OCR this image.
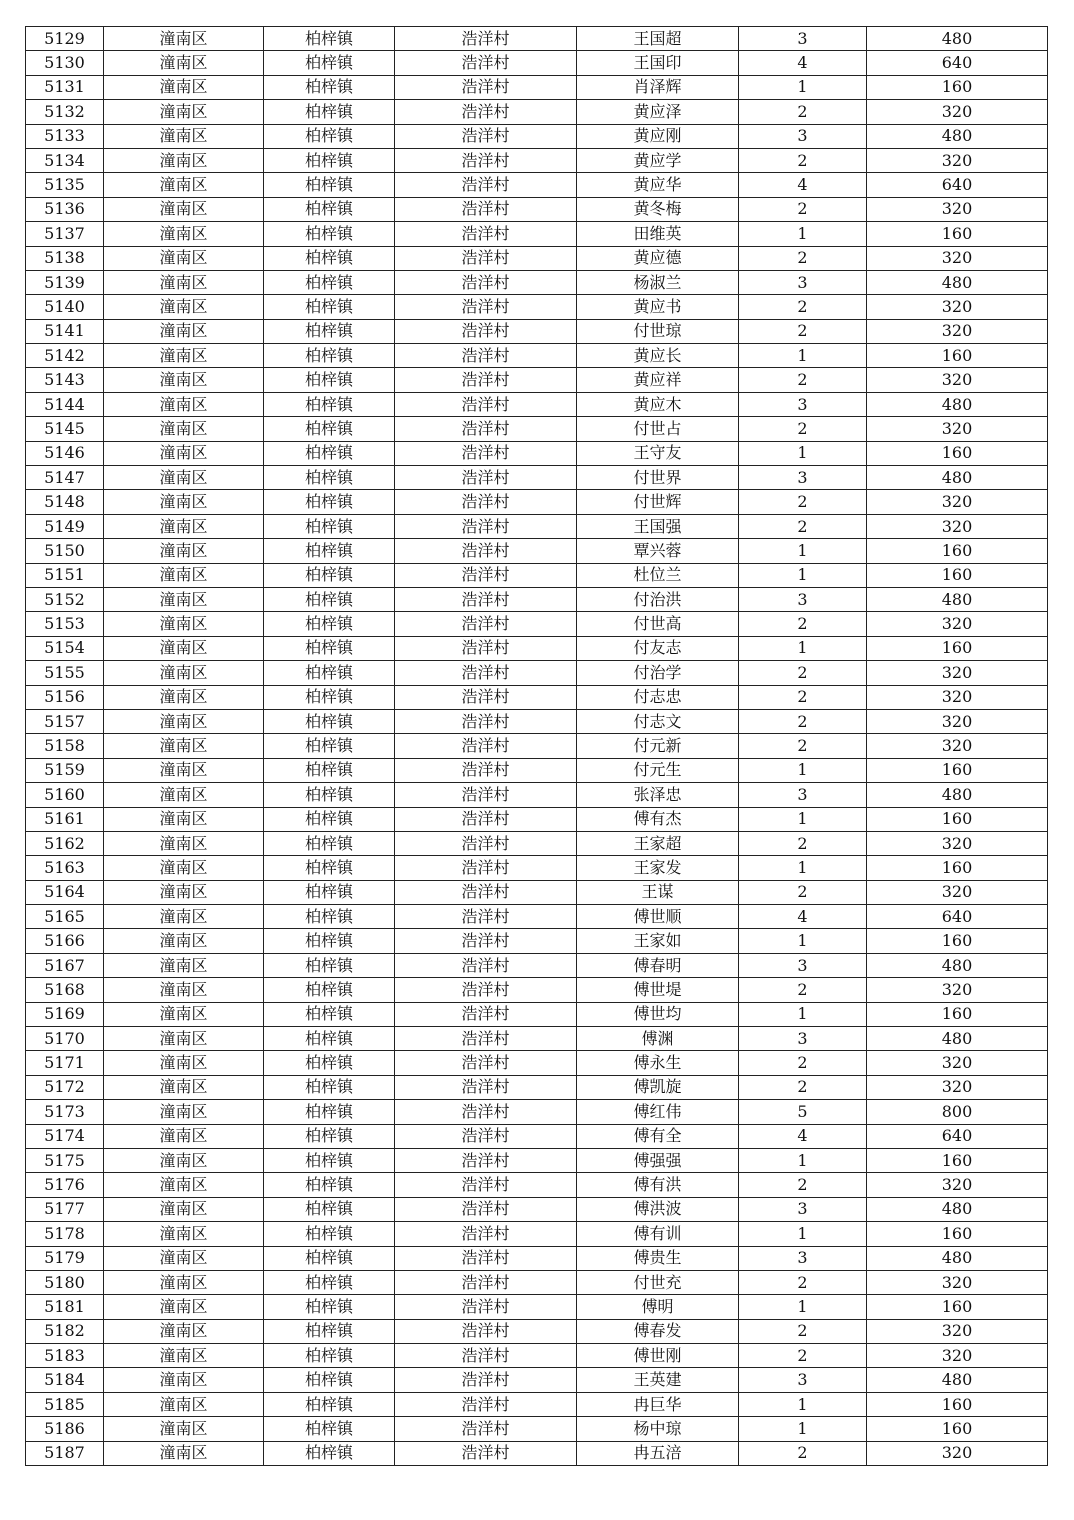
5129	潼南区	柏梓镇	浩洋村	王国超	3	480
5130	潼南区	柏梓镇	浩洋村	王国印	4	640
5131	潼南区	柏梓镇	浩洋村	肖泽辉	1	160
5132	潼南区	柏梓镇	浩洋村	黄应泽	2	320
5133	潼南区	柏梓镇	浩洋村	黄应刚	3	480
5134	潼南区	柏梓镇	浩洋村	黄应学	2	320
5135	潼南区	柏梓镇	浩洋村	黄应华	4	640
5136	潼南区	柏梓镇	浩洋村	黄冬梅	2	320
5137	潼南区	柏梓镇	浩洋村	田维英	1	160
5138	潼南区	柏梓镇	浩洋村	黄应德	2	320
5139	潼南区	柏梓镇	浩洋村	杨淑兰	3	480
5140	潼南区	柏梓镇	浩洋村	黄应书	2	320
5141	潼南区	柏梓镇	浩洋村	付世琼	2	320
5142	潼南区	柏梓镇	浩洋村	黄应长	1	160
5143	潼南区	柏梓镇	浩洋村	黄应祥	2	320
5144	潼南区	柏梓镇	浩洋村	黄应木	3	480
5145	潼南区	柏梓镇	浩洋村	付世占	2	320
5146	潼南区	柏梓镇	浩洋村	王守友	1	160
5147	潼南区	柏梓镇	浩洋村	付世界	3	480
5148	潼南区	柏梓镇	浩洋村	付世辉	2	320
5149	潼南区	柏梓镇	浩洋村	王国强	2	320
5150	潼南区	柏梓镇	浩洋村	覃兴蓉	1	160
5151	潼南区	柏梓镇	浩洋村	杜位兰	1	160
5152	潼南区	柏梓镇	浩洋村	付治洪	3	480
5153	潼南区	柏梓镇	浩洋村	付世高	2	320
5154	潼南区	柏梓镇	浩洋村	付友志	1	160
5155	潼南区	柏梓镇	浩洋村	付治学	2	320
5156	潼南区	柏梓镇	浩洋村	付志忠	2	320
5157	潼南区	柏梓镇	浩洋村	付志文	2	320
5158	潼南区	柏梓镇	浩洋村	付元新	2	320
5159	潼南区	柏梓镇	浩洋村	付元生	1	160
5160	潼南区	柏梓镇	浩洋村	张泽忠	3	480
5161	潼南区	柏梓镇	浩洋村	傅有杰	1	160
5162	潼南区	柏梓镇	浩洋村	王家超	2	320
5163	潼南区	柏梓镇	浩洋村	王家发	1	160
5164	潼南区	柏梓镇	浩洋村	王谋	2	320
5165	潼南区	柏梓镇	浩洋村	傅世顺	4	640
5166	潼南区	柏梓镇	浩洋村	王家如	1	160
5167	潼南区	柏梓镇	浩洋村	傅春明	3	480
5168	潼南区	柏梓镇	浩洋村	傅世堤	2	320
5169	潼南区	柏梓镇	浩洋村	傅世均	1	160
5170	潼南区	柏梓镇	浩洋村	傅渊	3	480
5171	潼南区	柏梓镇	浩洋村	傅永生	2	320
5172	潼南区	柏梓镇	浩洋村	傅凯旋	2	320
5173	潼南区	柏梓镇	浩洋村	傅红伟	5	800
5174	潼南区	柏梓镇	浩洋村	傅有全	4	640
5175	潼南区	柏梓镇	浩洋村	傅强强	1	160
5176	潼南区	柏梓镇	浩洋村	傅有洪	2	320
5177	潼南区	柏梓镇	浩洋村	傅洪波	3	480
5178	潼南区	柏梓镇	浩洋村	傅有训	1	160
5179	潼南区	柏梓镇	浩洋村	傅贵生	3	480
5180	潼南区	柏梓镇	浩洋村	付世充	2	320
5181	潼南区	柏梓镇	浩洋村	傅明	1	160
5182	潼南区	柏梓镇	浩洋村	傅春发	2	320
5183	潼南区	柏梓镇	浩洋村	傅世刚	2	320
5184	潼南区	柏梓镇	浩洋村	王英建	3	480
5185	潼南区	柏梓镇	浩洋村	冉巨华	1	160
5186	潼南区	柏梓镇	浩洋村	杨中琼	1	160
5187	潼南区	柏梓镇	浩洋村	冉五涪	2	320
